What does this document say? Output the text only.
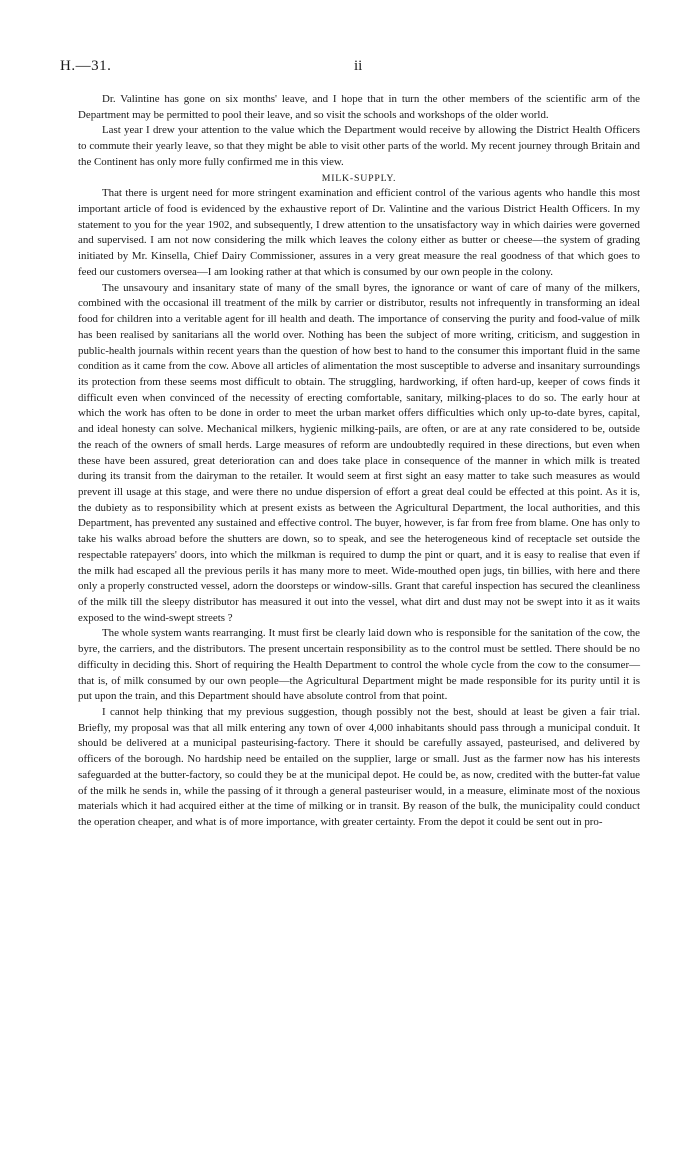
H.—31.	ii

Dr. Valintine has gone on six months' leave, and I hope that in turn the other members of the scientific arm of the Department may be permitted to pool their leave, and so visit the schools and workshops of the older world.

Last year I drew your attention to the value which the Department would receive by allowing the District Health Officers to commute their yearly leave, so that they might be able to visit other parts of the world. My recent journey through Britain and the Continent has only more fully confirmed me in this view.

MILK-SUPPLY.

That there is urgent need for more stringent examination and efficient control of the various agents who handle this most important article of food is evidenced by the exhaustive report of Dr. Valintine and the various District Health Officers. In my statement to you for the year 1902, and subsequently, I drew attention to the unsatisfactory way in which dairies were governed and supervised. I am not now considering the milk which leaves the colony either as butter or cheese—the system of grading initiated by Mr. Kinsella, Chief Dairy Commissioner, assures in a very great measure the real goodness of that which goes to feed our customers oversea—I am looking rather at that which is consumed by our own people in the colony.

The unsavoury and insanitary state of many of the small byres, the ignorance or want of care of many of the milkers, combined with the occasional ill treatment of the milk by carrier or distributor, results not infrequently in transforming an ideal food for children into a veritable agent for ill health and death. The importance of conserving the purity and food-value of milk has been realised by sanitarians all the world over. Nothing has been the subject of more writing, criticism, and suggestion in public-health journals within recent years than the question of how best to hand to the consumer this important fluid in the same condition as it came from the cow. Above all articles of alimentation the most susceptible to adverse and insanitary surroundings its protection from these seems most difficult to obtain. The struggling, hardworking, if often hard-up, keeper of cows finds it difficult even when convinced of the necessity of erecting comfortable, sanitary, milking-places to do so. The early hour at which the work has often to be done in order to meet the urban market offers difficulties which only up-to-date byres, capital, and ideal honesty can solve. Mechanical milkers, hygienic milking-pails, are often, or are at any rate considered to be, outside the reach of the owners of small herds. Large measures of reform are undoubtedly required in these directions, but even when these have been assured, great deterioration can and does take place in consequence of the manner in which milk is treated during its transit from the dairyman to the retailer. It would seem at first sight an easy matter to take such measures as would prevent ill usage at this stage, and were there no undue dispersion of effort a great deal could be effected at this point. As it is, the dubiety as to responsibility which at present exists as between the Agricultural Department, the local authorities, and this Department, has prevented any sustained and effective control. The buyer, however, is far from free from blame. One has only to take his walks abroad before the shutters are down, so to speak, and see the heterogeneous kind of receptacle set outside the respectable ratepayers' doors, into which the milkman is required to dump the pint or quart, and it is easy to realise that even if the milk had escaped all the previous perils it has many more to meet. Wide-mouthed open jugs, tin billies, with here and there only a properly constructed vessel, adorn the doorsteps or window-sills. Grant that careful inspection has secured the cleanliness of the milk till the sleepy distributor has measured it out into the vessel, what dirt and dust may not be swept into it as it waits exposed to the wind-swept streets ?

The whole system wants rearranging. It must first be clearly laid down who is responsible for the sanitation of the cow, the byre, the carriers, and the distributors. The present uncertain responsibility as to the control must be settled. There should be no difficulty in deciding this. Short of requiring the Health Department to control the whole cycle from the cow to the consumer—that is, of milk consumed by our own people—the Agricultural Department might be made responsible for its purity until it is put upon the train, and this Department should have absolute control from that point.

I cannot help thinking that my previous suggestion, though possibly not the best, should at least be given a fair trial. Briefly, my proposal was that all milk entering any town of over 4,000 inhabitants should pass through a municipal conduit. It should be delivered at a municipal pasteurising-factory. There it should be carefully assayed, pasteurised, and delivered by officers of the borough. No hardship need be entailed on the supplier, large or small. Just as the farmer now has his interests safeguarded at the butter-factory, so could they be at the municipal depot. He could be, as now, credited with the butter-fat value of the milk he sends in, while the passing of it through a general pasteuriser would, in a measure, eliminate most of the noxious materials which it had acquired either at the time of milking or in transit. By reason of the bulk, the municipality could conduct the operation cheaper, and what is of more importance, with greater certainty. From the depot it could be sent out in pro-
